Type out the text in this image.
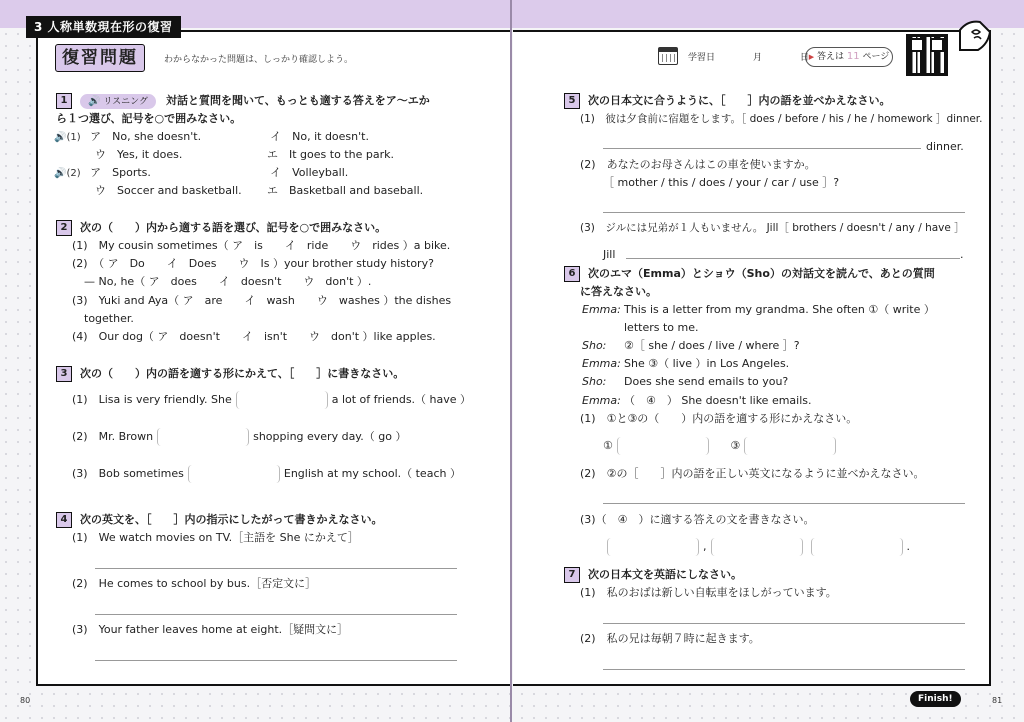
3 人称単数現在形の復習
復習問題	わからなかった問題は、しっかり確認しよう。	学習日	月	日 ▶ 答えは 11 ページ
1 🔊 リスニング 対話と質問を聞いて、もっとも適する答えをア〜エか
ら１つ選び、記号を○で囲みなさい。
🔊(1) ア　No, she doesn't.	イ　No, it doesn't.
ウ　Yes, it does.	エ　It goes to the park.
🔊(2) ア　Sports.	イ　Volleyball.
ウ　Soccer and basketball. エ　Basketball and baseball.
2 次の（　　）内から適する語を選び、記号を○で囲みなさい。
(1)　My cousin sometimes（ ア　is　　イ　ride　　ウ　rides ）a bike.
(2)　（ ア　Do　　イ　Does　　ウ　Is ）your brother study history?
— No, he（ ア　does　　イ　doesn't　　ウ　don't ）.
(3)　Yuki and Aya（ ア　are　　イ　wash　　ウ　washes ）the dishes
together.
(4)　Our dog（ ア　doesn't　　イ　isn't　　ウ　don't ）like apples.
3 次の（　　）内の語を適する形にかえて、［　　］に書きなさい。
(1)　Lisa is very friendly. She	a lot of friends.（ have ）
(2)　Mr. Brown	shopping every day.（ go ）
(3)　Bob sometimes	English at my school.（ teach ）
4 次の英文を、［　　］内の指示にしたがって書きかえなさい。
(1)　We watch movies on TV.［主語を She にかえて］
(2)　He comes to school by bus.［否定文に］
(3)　Your father leaves home at eight.［疑問文に］
5 次の日本文に合うように、［　　］内の語を並べかえなさい。
(1)　彼は夕食前に宿題をします。［ does / before / his / he / homework ］dinner.
dinner.
(2)　あなたのお母さんはこの車を使いますか。
［ mother / this / does / your / car / use ］?
(3)　ジルには兄弟が１人もいません。 Jill［ brothers / doesn't / any / have ］
Jill	.
6 次のエマ（Emma）とショウ（Sho）の対話文を読んで、あとの質問
に答えなさい。
Emma: This is a letter from my grandma. She often ①（ write ）
letters to me.
Sho: ②［ she / does / live / where ］?
Emma: She ③（ live ）in Los Angeles.
Sho: Does she send emails to you?
Emma: （　④　） She doesn't like emails.
(1)　①と③の（　　）内の語を適する形にかえなさい。
①	③
(2)　②の［　　］内の語を正しい英文になるように並べかえなさい。
(3)（　④　）に適する答えの文を書きなさい。
,	.
7 次の日本文を英語にしなさい。
(1)　私のおばは新しい自転車をほしがっています。
(2)　私の兄は毎朝７時に起きます。
80	81
Finish!
